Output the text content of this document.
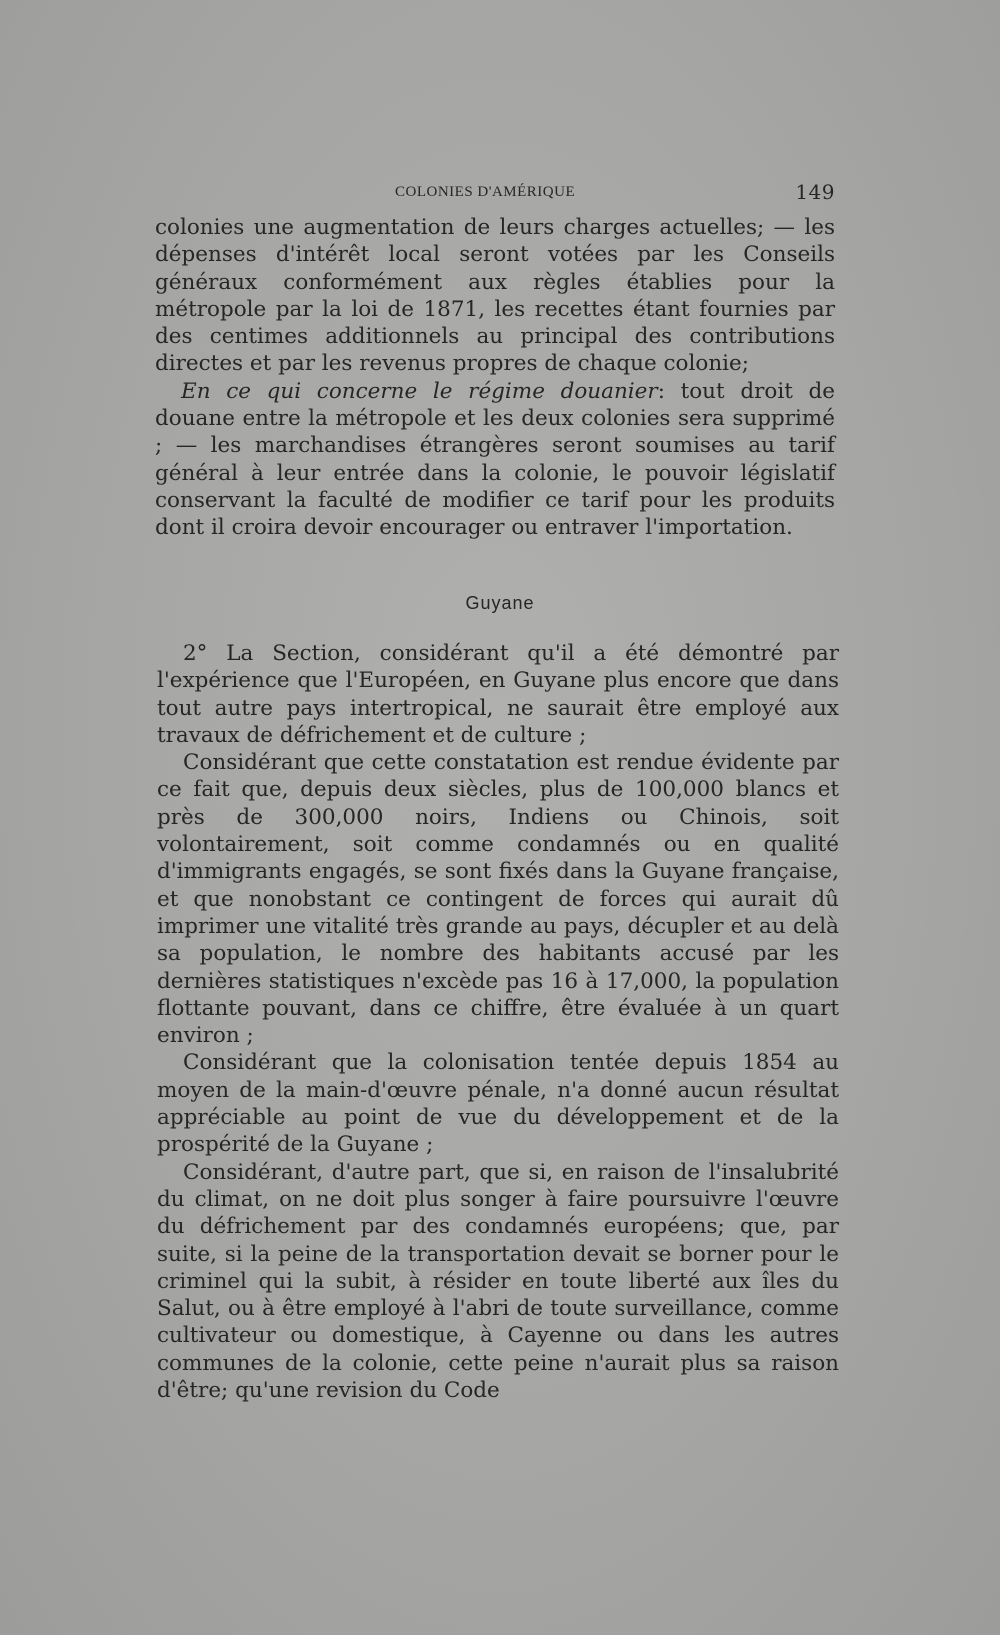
COLONIES D'AMÉRIQUE	149

colonies une augmentation de leurs charges actuelles; — les dépenses d'intérêt local seront votées par les Conseils généraux conformément aux règles établies pour la métropole par la loi de 1871, les recettes étant fournies par des centimes additionnels au principal des contributions directes et par les revenus propres de chaque colonie;

En ce qui concerne le régime douanier: tout droit de douane entre la métropole et les deux colonies sera supprimé ; — les marchandises étrangères seront soumises au tarif général à leur entrée dans la colonie, le pouvoir législatif conservant la faculté de modifier ce tarif pour les produits dont il croira devoir encourager ou entraver l'importation.

Guyane

2° La Section, considérant qu'il a été démontré par l'expérience que l'Européen, en Guyane plus encore que dans tout autre pays intertropical, ne saurait être employé aux travaux de défrichement et de culture ;

Considérant que cette constatation est rendue évidente par ce fait que, depuis deux siècles, plus de 100,000 blancs et près de 300,000 noirs, Indiens ou Chinois, soit volontairement, soit comme condamnés ou en qualité d'immigrants engagés, se sont fixés dans la Guyane française, et que nonobstant ce contingent de forces qui aurait dû imprimer une vitalité très grande au pays, décupler et au delà sa population, le nombre des habitants accusé par les dernières statistiques n'excède pas 16 à 17,000, la population flottante pouvant, dans ce chiffre, être évaluée à un quart environ ;

Considérant que la colonisation tentée depuis 1854 au moyen de la main-d'œuvre pénale, n'a donné aucun résultat appréciable au point de vue du développement et de la prospérité de la Guyane ;

Considérant, d'autre part, que si, en raison de l'insalubrité du climat, on ne doit plus songer à faire poursuivre l'œuvre du défrichement par des condamnés européens; que, par suite, si la peine de la transportation devait se borner pour le criminel qui la subit, à résider en toute liberté aux îles du Salut, ou à être employé à l'abri de toute surveillance, comme cultivateur ou domestique, à Cayenne ou dans les autres communes de la colonie, cette peine n'aurait plus sa raison d'être; qu'une revision du Code
